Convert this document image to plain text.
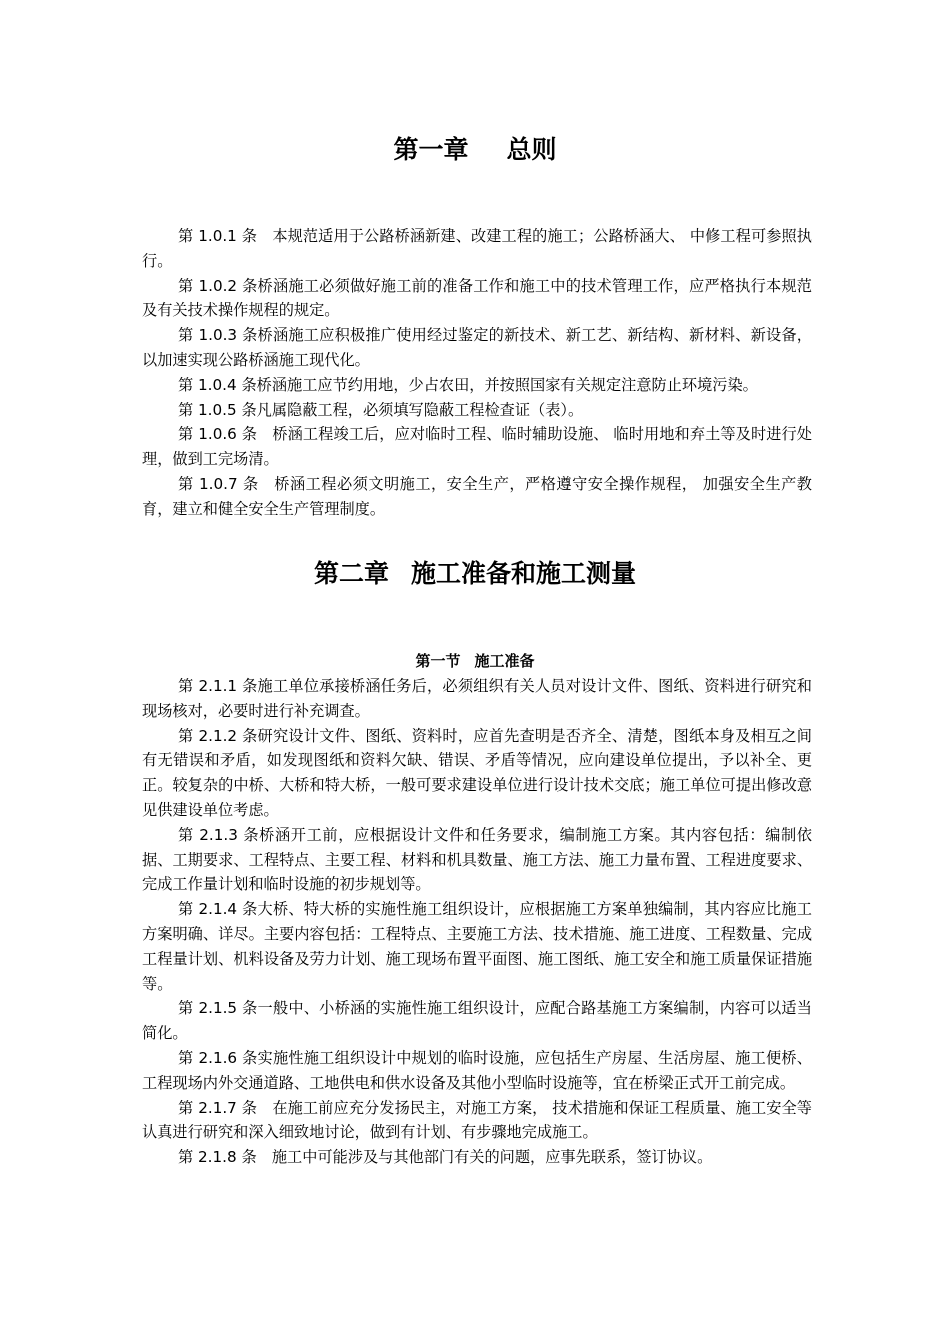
第一章 总则

第 1.0.1 条　本规范适用于公路桥涵新建、改建工程的施工；公路桥涵大、 中修工程可参照执行。

第 1.0.2 条桥涵施工必须做好施工前的准备工作和施工中的技术管理工作，应严格执行本规范及有关技术操作规程的规定。

第 1.0.3 条桥涵施工应积极推广使用经过鉴定的新技术、新工艺、新结构、新材料、新设备，以加速实现公路桥涵施工现代化。

第 1.0.4 条桥涵施工应节约用地，少占农田，并按照国家有关规定注意防止环境污染。

第 1.0.5 条凡属隐蔽工程，必须填写隐蔽工程检查证（表）。

第 1.0.6 条　桥涵工程竣工后，应对临时工程、临时辅助设施、 临时用地和弃土等及时进行处理，做到工完场清。

第 1.0.7 条　桥涵工程必须文明施工，安全生产，严格遵守安全操作规程， 加强安全生产教育，建立和健全安全生产管理制度。

第二章 施工准备和施工测量
第一节 施工准备

第 2.1.1 条施工单位承接桥涵任务后，必须组织有关人员对设计文件、图纸、资料进行研究和现场核对，必要时进行补充调查。

第 2.1.2 条研究设计文件、图纸、资料时，应首先查明是否齐全、清楚，图纸本身及相互之间有无错误和矛盾，如发现图纸和资料欠缺、错误、矛盾等情况，应向建设单位提出，予以补全、更正。较复杂的中桥、大桥和特大桥，一般可要求建设单位进行设计技术交底；施工单位可提出修改意见供建设单位考虑。

第 2.1.3 条桥涵开工前，应根据设计文件和任务要求，编制施工方案。其内容包括：编制依据、工期要求、工程特点、主要工程、材料和机具数量、施工方法、施工力量布置、工程进度要求、完成工作量计划和临时设施的初步规划等。

第 2.1.4 条大桥、特大桥的实施性施工组织设计，应根据施工方案单独编制，其内容应比施工方案明确、详尽。主要内容包括：工程特点、主要施工方法、技术措施、施工进度、工程数量、完成工程量计划、机料设备及劳力计划、施工现场布置平面图、施工图纸、施工安全和施工质量保证措施等。

第 2.1.5 条一般中、小桥涵的实施性施工组织设计，应配合路基施工方案编制，内容可以适当简化。

第 2.1.6 条实施性施工组织设计中规划的临时设施，应包括生产房屋、生活房屋、施工便桥、工程现场内外交通道路、工地供电和供水设备及其他小型临时设施等，宜在桥梁正式开工前完成。

第 2.1.7 条　在施工前应充分发扬民主，对施工方案， 技术措施和保证工程质量、施工安全等认真进行研究和深入细致地讨论，做到有计划、有步骤地完成施工。

第 2.1.8 条　施工中可能涉及与其他部门有关的问题，应事先联系，签订协议。
